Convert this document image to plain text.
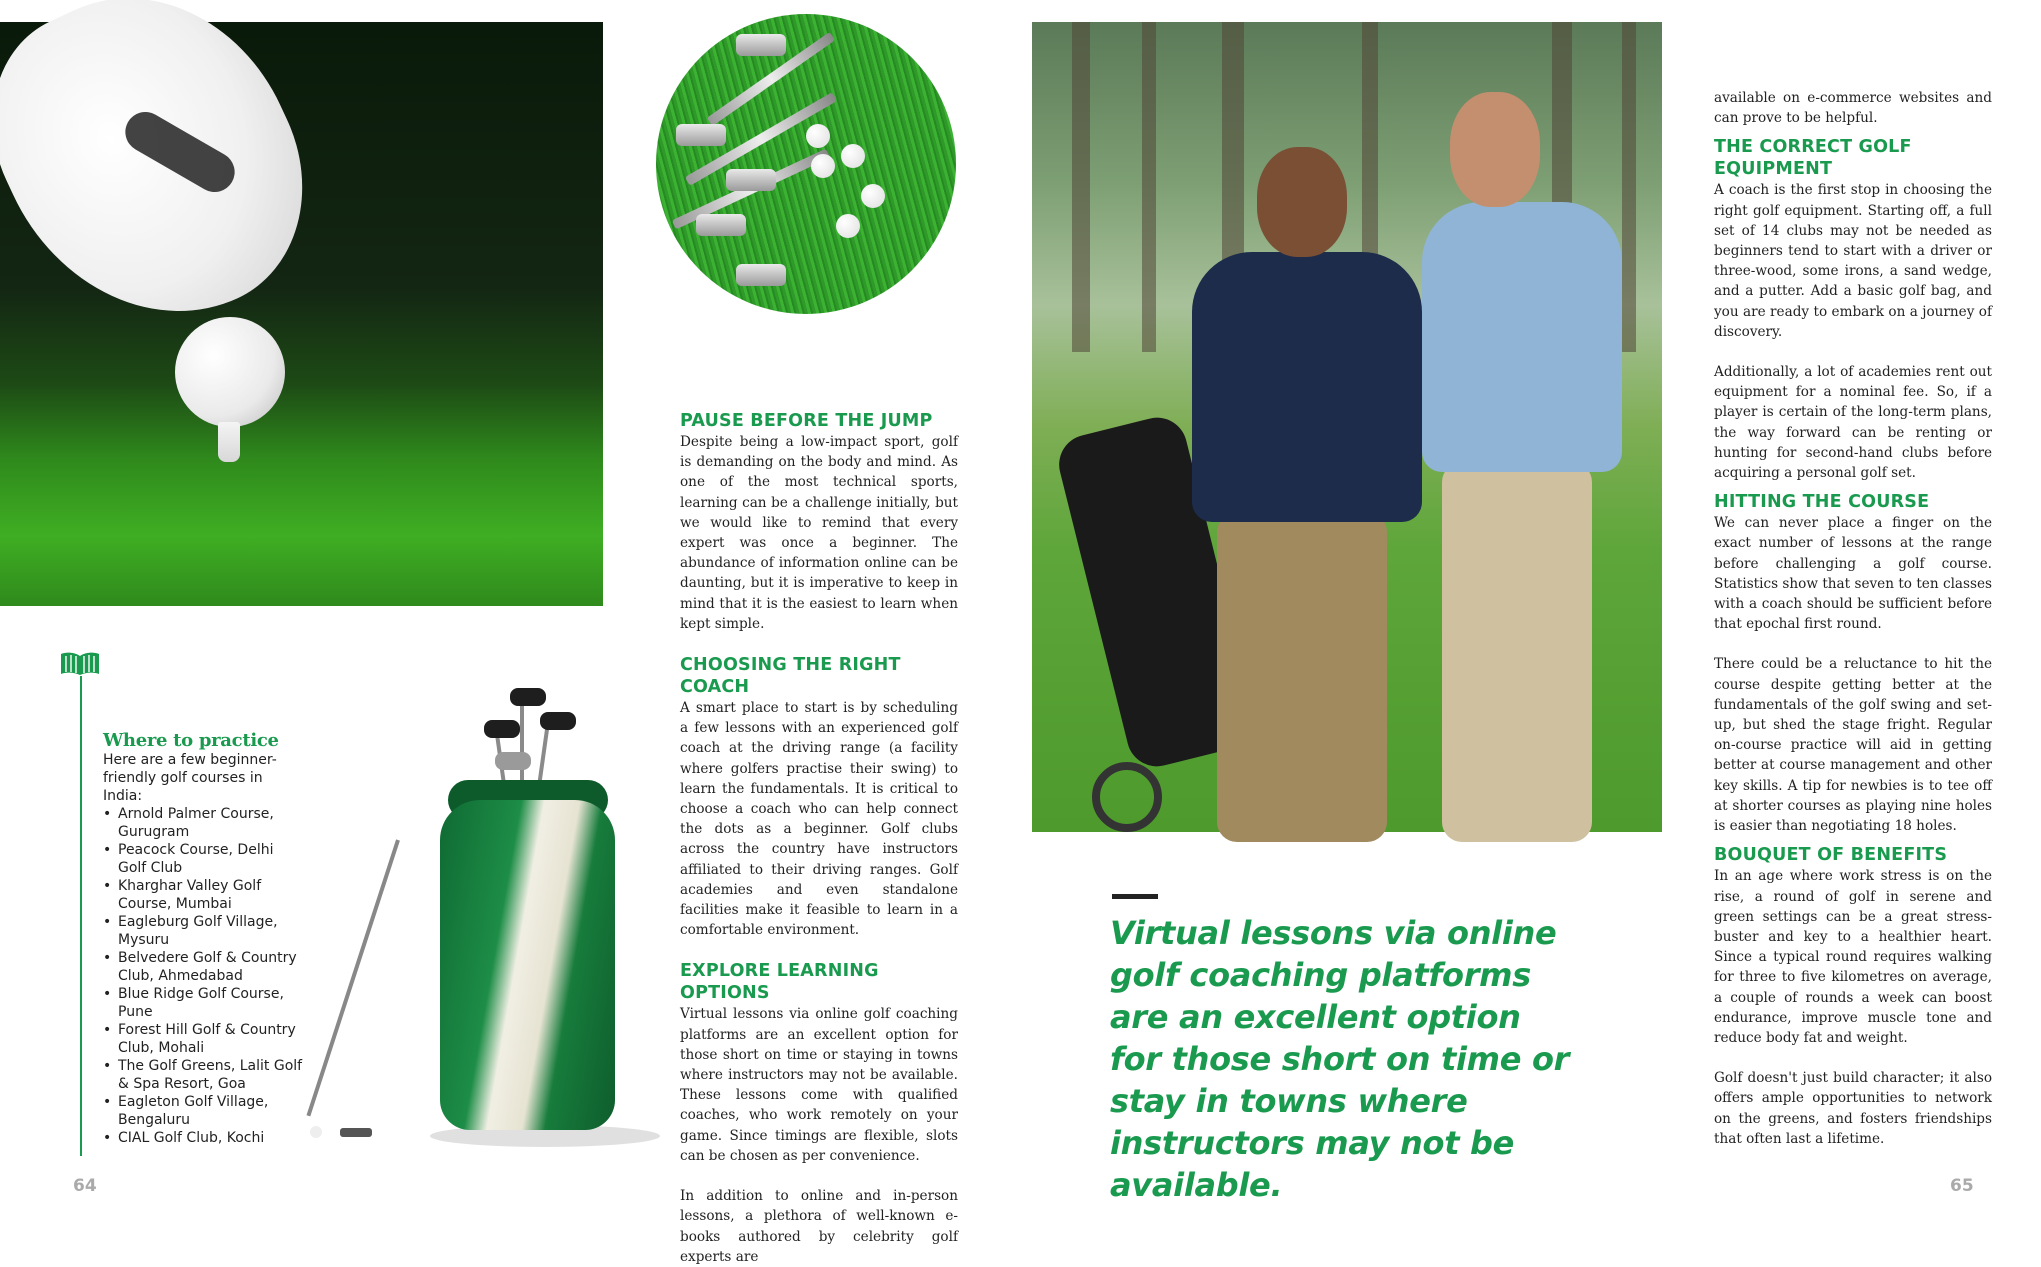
Where to practice
Here are a few beginner-friendly golf courses in India:
• Arnold Palmer Course, Gurugram
• Peacock Course, Delhi Golf Club
• Kharghar Valley Golf Course, Mumbai
• Eagleburg Golf Village, Mysuru
• Belvedere Golf & Country Club, Ahmedabad
• Blue Ridge Golf Course, Pune
• Forest Hill Golf & Country Club, Mohali
• The Golf Greens, Lalit Golf & Spa Resort, Goa
• Eagleton Golf Village, Bengaluru
• CIAL Golf Club, Kochi
PAUSE BEFORE THE JUMP

Despite being a low-impact sport, golf is demanding on the body and mind. As one of the most technical sports, learning can be a challenge initially, but we would like to remind that every expert was once a beginner. The abundance of information online can be daunting, but it is imperative to keep in mind that it is the easiest to learn when kept simple.

CHOOSING THE RIGHT COACH

A smart place to start is by scheduling a few lessons with an experienced golf coach at the driving range (a facility where golfers practise their swing) to learn the fundamentals. It is critical to choose a coach who can help connect the dots as a beginner. Golf clubs across the country have instructors affiliated to their driving ranges. Golf academies and even standalone facilities make it feasible to learn in a comfortable environment.

EXPLORE LEARNING OPTIONS

Virtual lessons via online golf coaching platforms are an excellent option for those short on time or staying in towns where instructors may not be available. These lessons come with qualified coaches, who work remotely on your game. Since timings are flexible, slots can be chosen as per convenience.

In addition to online and in-person lessons, a plethora of well-known e-books authored by celebrity golf experts are

available on e-commerce websites and can prove to be helpful.

THE CORRECT GOLF EQUIPMENT

A coach is the first stop in choosing the right golf equipment. Starting off, a full set of 14 clubs may not be needed as beginners tend to start with a driver or three-wood, some irons, a sand wedge, and a putter. Add a basic golf bag, and you are ready to embark on a journey of discovery.

Additionally, a lot of academies rent out equipment for a nominal fee. So, if a player is certain of the long-term plans, the way forward can be renting or hunting for second-hand clubs before acquiring a personal golf set.

HITTING THE COURSE

We can never place a finger on the exact number of lessons at the range before challenging a golf course. Statistics show that seven to ten classes with a coach should be sufficient before that epochal first round.

There could be a reluctance to hit the course despite getting better at the fundamentals of the golf swing and set-up, but shed the stage fright. Regular on-course practice will aid in getting better at course management and other key skills. A tip for newbies is to tee off at shorter courses as playing nine holes is easier than negotiating 18 holes.

BOUQUET OF BENEFITS

In an age where work stress is on the rise, a round of golf in serene and green settings can be a great stress-buster and key to a healthier heart. Since a typical round requires walking for three to five kilometres on average, a couple of rounds a week can boost endurance, improve muscle tone and reduce body fat and weight.

Golf doesn't just build character; it also offers ample opportunities to network on the greens, and fosters friendships that often last a lifetime.

Virtual lessons via online golf coaching platforms are an excellent option for those short on time or stay in towns where instructors may not be available.
64	65
